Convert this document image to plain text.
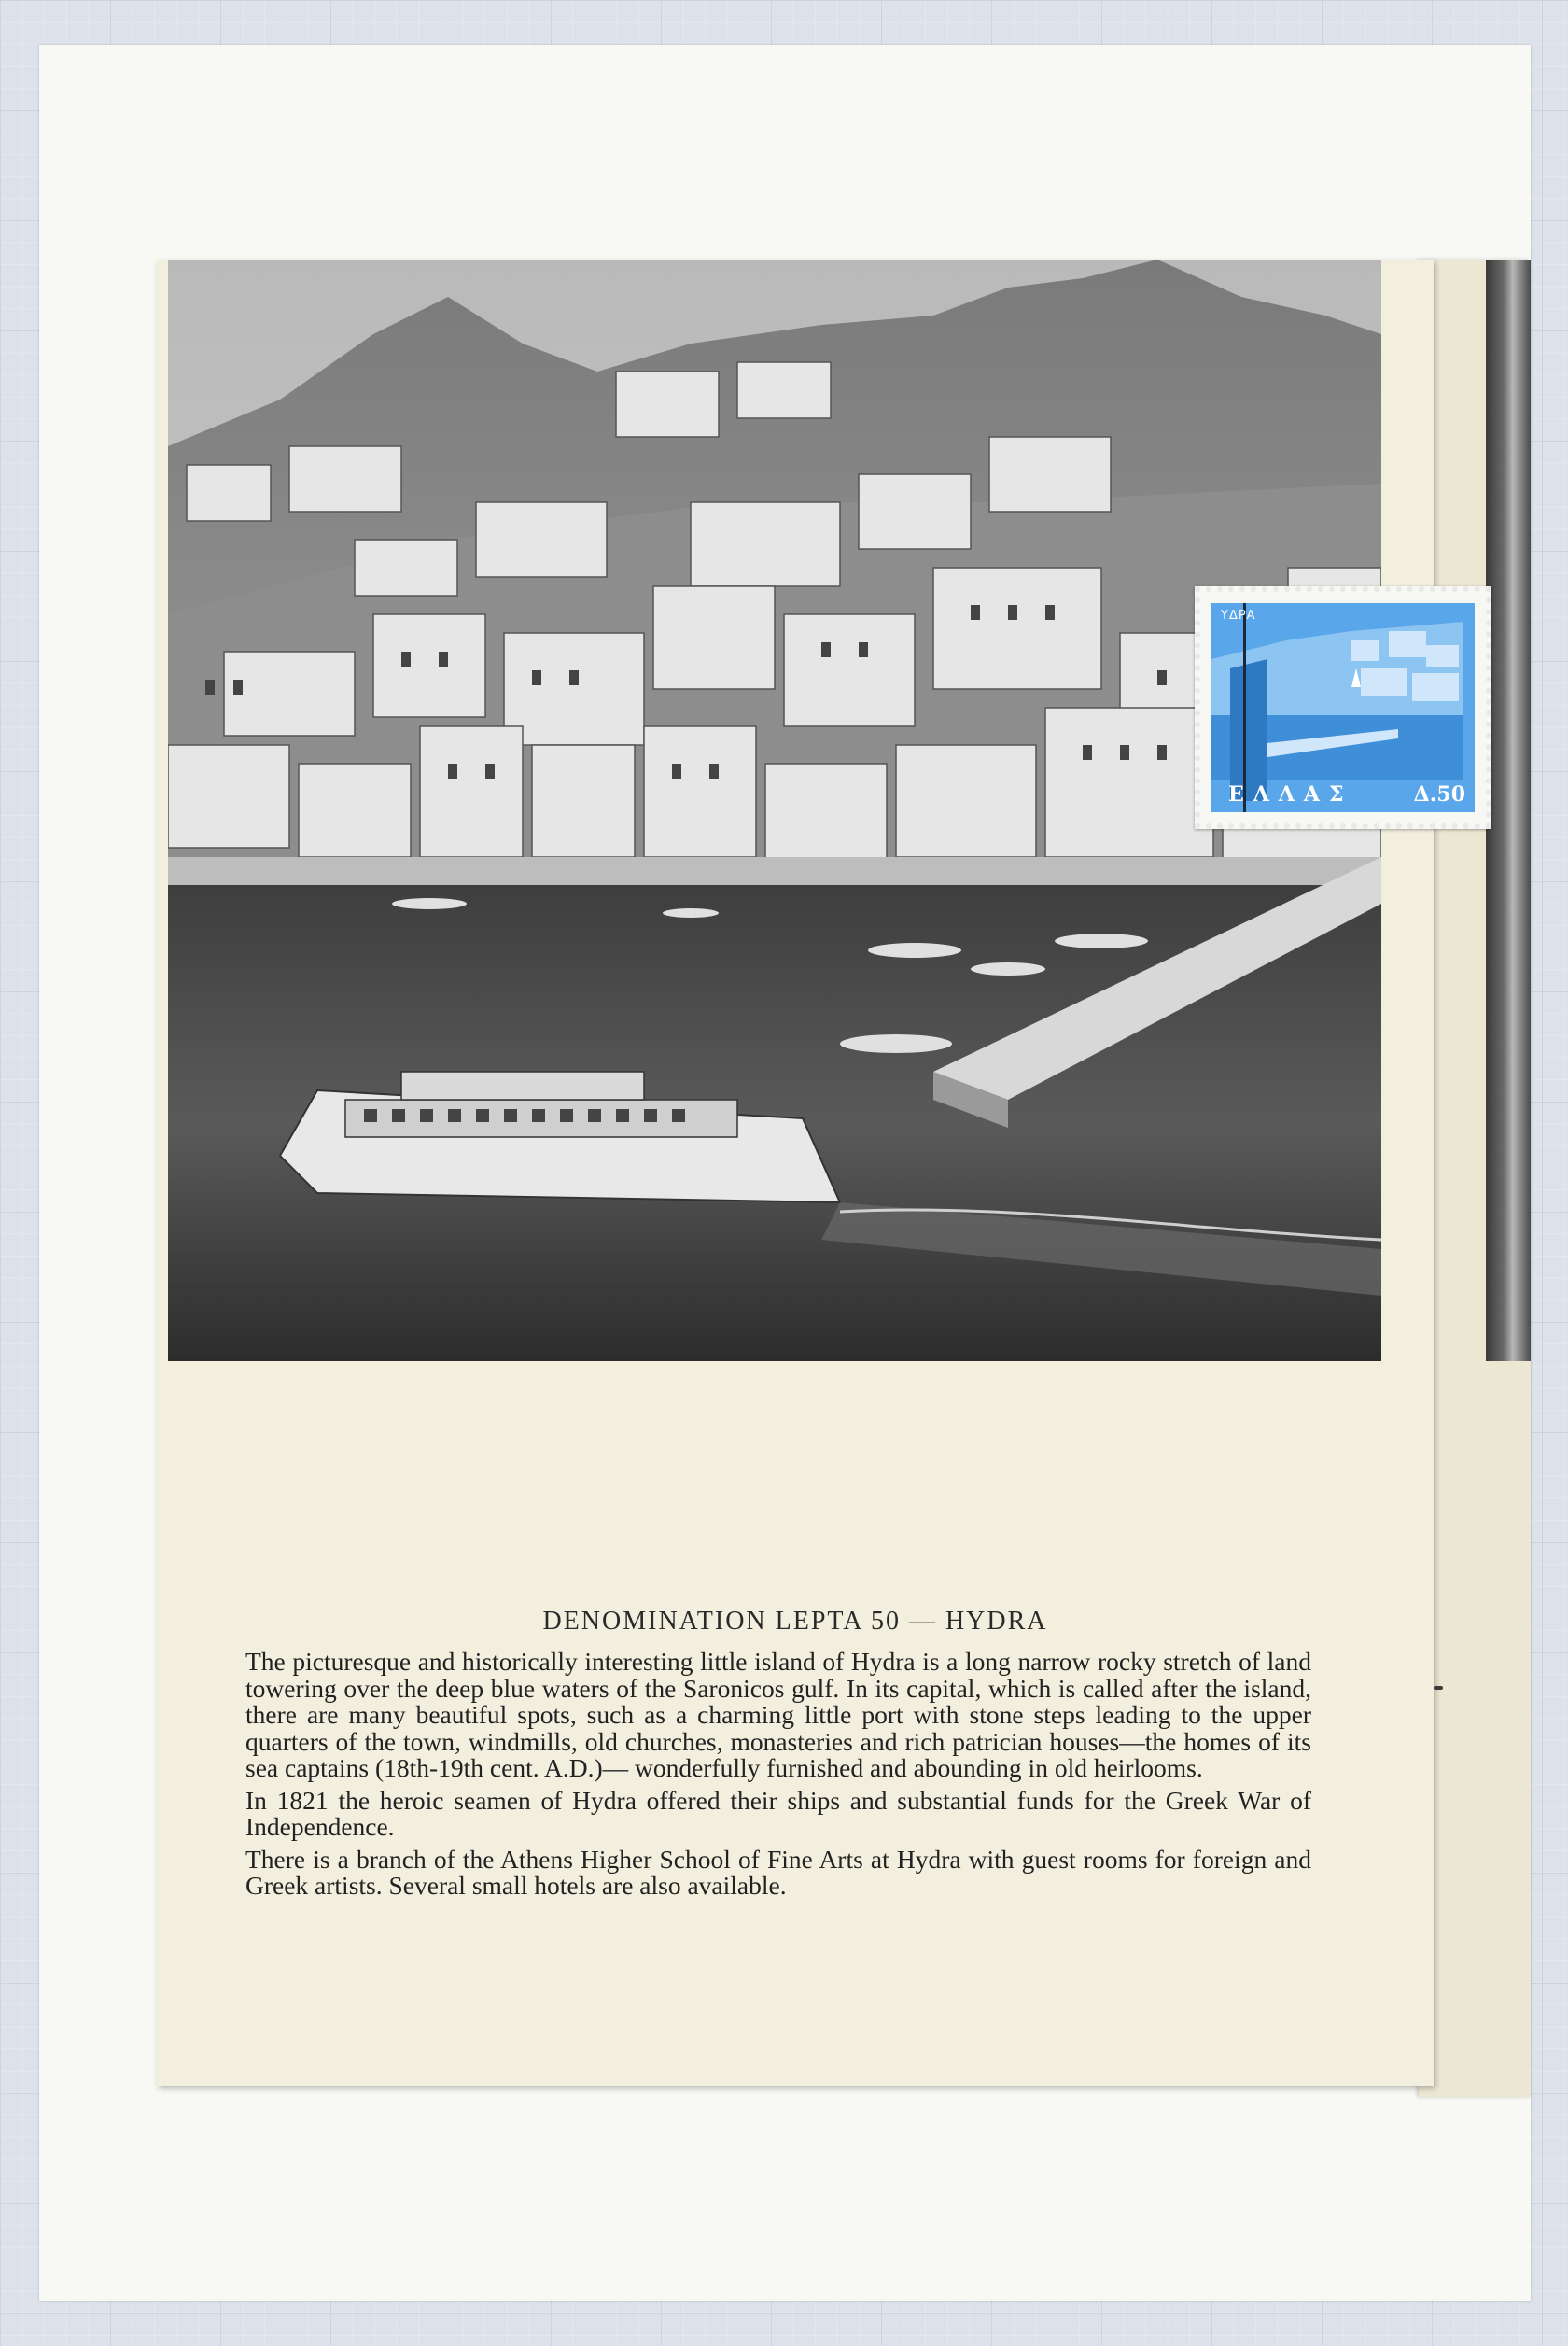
ΥΔΡΑ
ΕΛΛΑΣ	Δ.50
DENOMINATION LEPTA 50 — HYDRA

The picturesque and historically interesting little island of Hydra is a long narrow rocky stretch of land towering over the deep blue waters of the Saronicos gulf. In its capital, which is called after the island, there are many beautiful spots, such as a charming little port with stone steps leading to the upper quarters of the town, windmills, old churches, monasteries and rich patrician houses—the homes of its sea captains (18th-19th cent. A.D.)— wonderfully furnished and abounding in old heirlooms.

In 1821 the heroic seamen of Hydra offered their ships and substantial funds for the Greek War of Independence.

There is a branch of the Athens Higher School of Fine Arts at Hydra with guest rooms for foreign and Greek artists. Several small hotels are also available.
